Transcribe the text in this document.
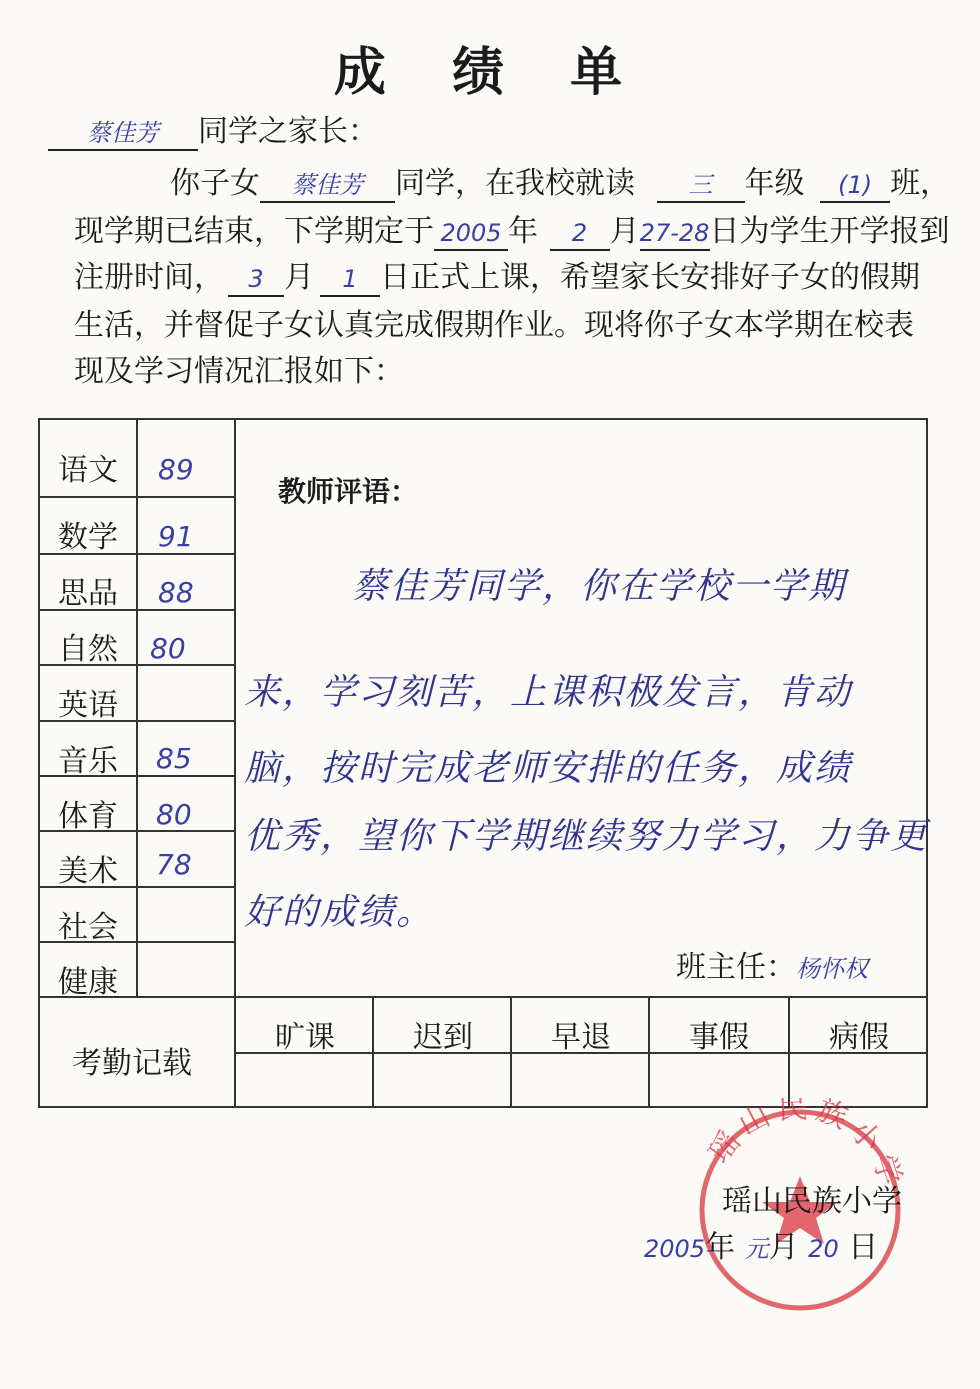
成 绩 单
蔡佳芳 同学之家长：
你子女 蔡佳芳 同学，在我校就读 三 年级 (1) 班，
现学期已结束，下学期定于 2005 年 2 月27-28日为学生开学报到
注册时间， 3 月 1 日正式上课，希望家长安排好子女的假期
生活，并督促子女认真完成假期作业。现将你子女本学期在校表
现及学习情况汇报如下：
语文 89
数学 91
思品 88
自然 80
英语
音乐 85
体育 80
美术 78
社会
健康
教师评语：
蔡佳芳同学，你在学校一学期
来，学习刻苦，上课积极发言，肯动
脑，按时完成老师安排的任务，成绩
优秀，望你下学期继续努力学习，力争更
好的成绩。
班主任：杨怀权
考勤记载
旷课	迟到	早退	事假	病假
瑶山民族小学
瑶山民族小学
2005年 元月 20 日
